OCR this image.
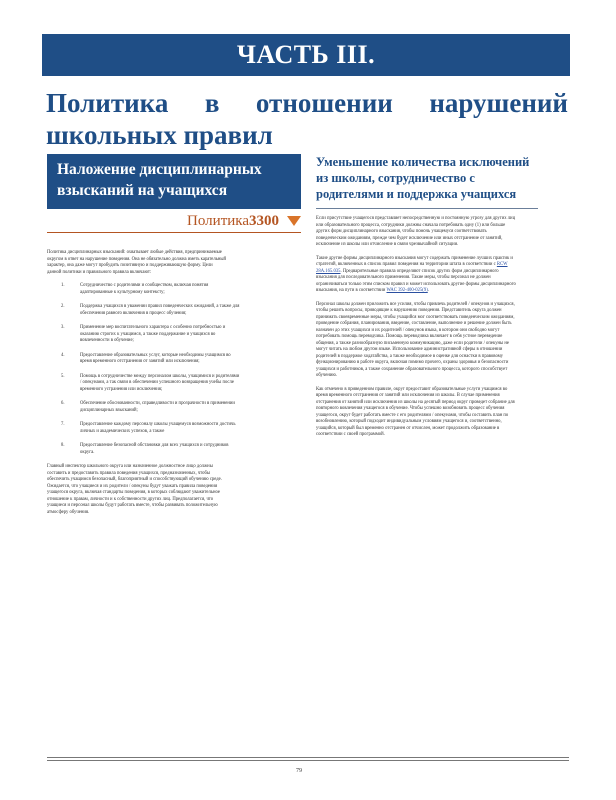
ЧАСТЬ III.
Политика в отношении нарушений школьных правил
Наложение дисциплинарных взысканий на учащихся
Политика3300
Уменьшение количества исключений из школы, сотрудничество с родителями и поддержка учащихся

Политика дисциплинарных взысканий: охватывает любые действия, предпринимаемые округом в ответ на нарушение поведения. Она не обязательно должна иметь карательный характер, она даже могут пробудить позитивную и поддерживающую форму. Цели данной политики и правильного правила включают:

1.	Сотрудничество с родителями и сообществом, включая понятия адаптированные к культурному контексту;
2.	Поддержка учащихся в уважении правил поведенческих ожиданий, а также для обеспечения равного включения в процесс обучения;
3.	Применение мер воспитательного характера с особенно потребностью и оказанию строгих к учащимся, а также поддержание и учащихся во вовлеченности в обучение;
4.	Предоставление образовательных услуг, которые необходимы учащимся во время временного отстранения от занятий или исключения;
5.	Помощь в сотрудничестве между персоналом школы, учащимися и родителями / опекунами, а так связи в обеспечении успешного возвращения учебы после временного устранения или исключения;
6.	Обеспечение обоснованности, справедливости и прозрачности в применении дисциплинарных взысканий;
7.	Предоставление каждому персоналу школы учащемуся возможности достичь личных и академических успехов, а также
8.	Предоставление безопасной обстановки для всех учащихся и сотрудников округа.

Главный инспектор школьного округа или назначенное должностное лицо должны составить и предоставить правила поведения учащихся, предназначенных, чтобы обеспечить учащимся безопасный, благоприятный и способствующий обучению среде. Ожидается, что учащиеся и их родители / опекуны будут уважать правила поведения учащегося округа, включая стандарты поведения, в которых соблюдают уважительное отношение к правам, личности и к собственности других лиц. Предполагается, что учащиеся и персонал школы будут работать вместе, чтобы развивать положительную атмосферу обучения.

Если присутствие учащегося представляет непосредственную и постоянную угрозу для других лиц или образовательного процесса, сотрудники должны сначала потребовать одну (1) или больше других форм дисциплинарного взыскания, чтобы помочь учащемуся соответствовать поведенческим ожиданиям, прежде чем будет исключение или иных отстранение от занятий, исключение из школы или отчисление в связи чрезвычайной ситуации.

Такие другие формы дисциплинарного взыскания могут содержать применение лучших практик и стратегий, включенных в список правил поведения на территории штата в соответствии с RCW 28A.165.035. Предварительные правила определяют список других форм дисциплинарного взыскания для последовательного применения. Такие меры, чтобы персонал не должен ограничиваться только этим списком правил и может использовать другие формы дисциплинарного взыскания, на пути в соответствии WAC 392-400-025(9).

Персонал школы должен приложить все усилия, чтобы привлечь родителей / опекунов и учащихся, чтобы решить вопросы, приводящие к нарушению поведения. Представитель округа должен принимать своевременные меры, чтобы учащийся мог соответствовать поведенческим ожиданиям, проведение собрания, планирования, введение, составление, выполнение и решение должен быть назначен до этих учащихся и их родителей / опекунов языка, в котором они свободно могут потребовать помощь переводчика. Помощь переводчика включает в себя устное переведение общения, а также разнообразную письменную коммуникацию, даже если родители / опекуны не могут читать на любом другом языке. Использование административной сферы в отношении родителей в поддержке ходатайства, а также необходимое в оценке для оснастки в правовому функционированию в работе округа, включая помимо прочего, охраны здоровья и безопасности учащихся и работников, а также сохранение образовательного процесса, которого способствует обучению.

Как отмечено в приведенном правиле, округ предоставит образовательные услуги учащимся во время временного отстранения от занятий или исключения из школы. В случае применения отстранения от занятий или исключения из школы на десятый период округ проведет собрание для повторного вовлечения учащегося в обучение. Чтобы успешно возобновить процесс обучения учащегося, округ будет работать вместе с его родителями / опекунами, чтобы составить план по возобновлению, который подходит индивидуальным условиям учащегося и, соответственно, учащийся, который был временно отстранен от отчислен, может продолжить образование в соответствии с своей программой.

79
